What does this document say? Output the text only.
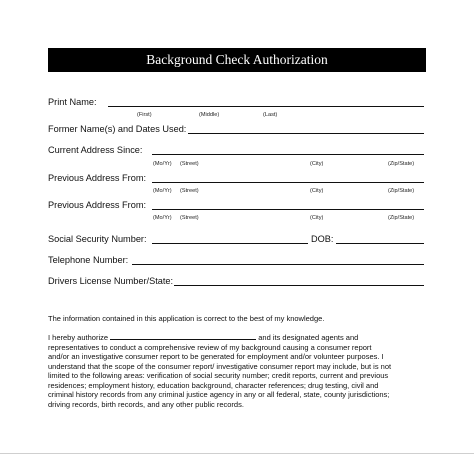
Background Check Authorization
Print Name:
(First)	(Middle)	(Last)
Former Name(s) and Dates Used:
Current Address Since:
(Mo/Yr) (Street)	(City)	(Zip/State)
Previous Address From:
(Mo/Yr) (Street)	(City)	(Zip/State)
Previous Address From:
(Mo/Yr) (Street)	(City)	(Zip/State)
Social Security Number:	DOB:
Telephone Number:
Drivers License Number/State:
The information contained in this application is correct to the best of my knowledge.
I hereby authorize	and its designated agents and
representatives to conduct a comprehensive review of my background causing a consumer report
and/or an investigative consumer report to be generated for employment and/or volunteer purposes. I
understand that the scope of the consumer report/ investigative consumer report may include, but is not
limited to the following areas: verification of social security number; credit reports, current and previous
residences; employment history, education background, character references; drug testing, civil and
criminal history records from any criminal justice agency in any or all federal, state, county jurisdictions;
driving records, birth records, and any other public records.
